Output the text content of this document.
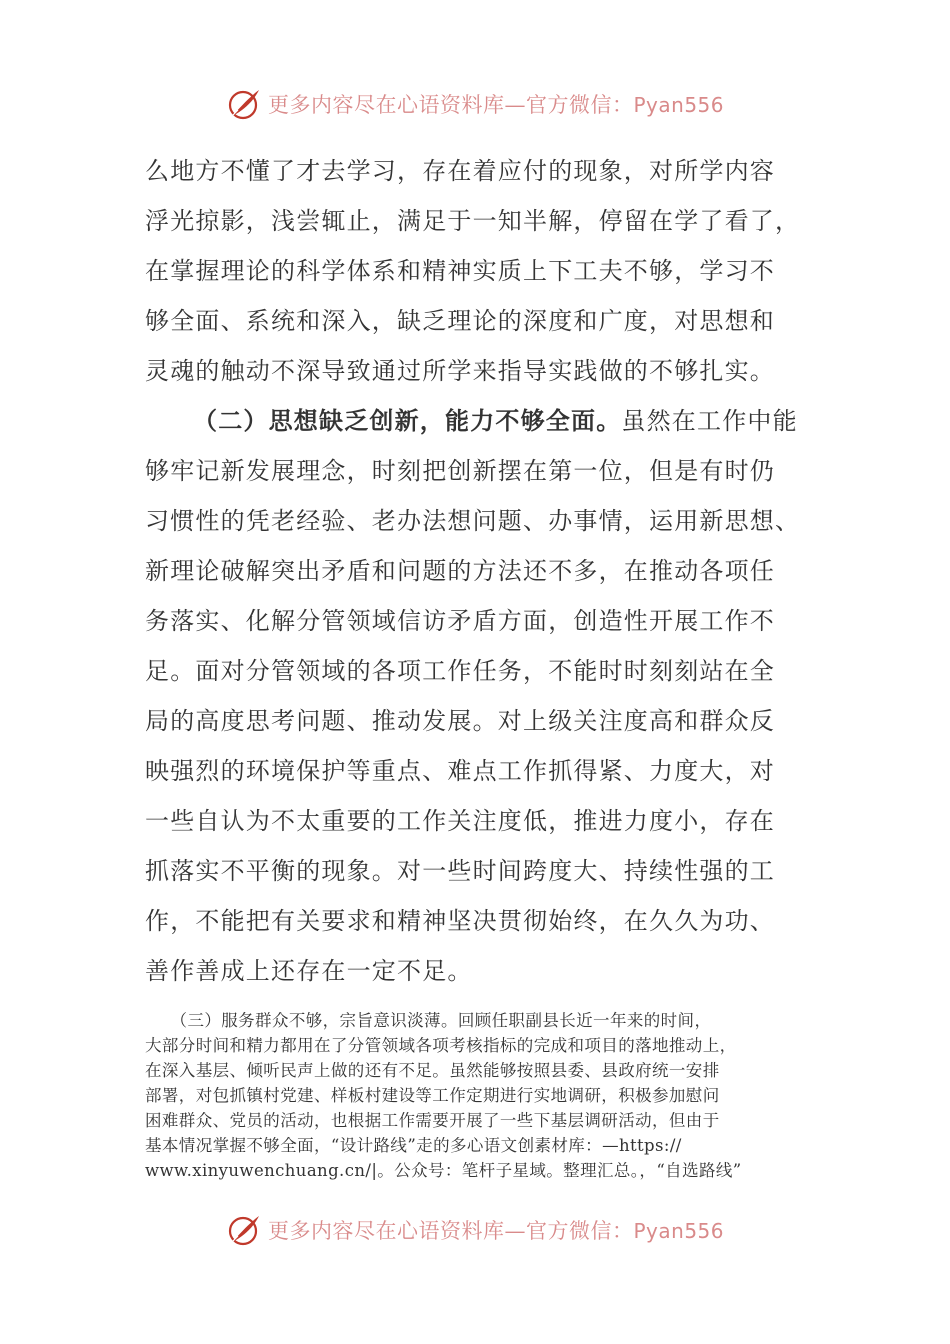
更多内容尽在心语资料库—官方微信：Pyan556

么地方不懂了才去学习，存在着应付的现象，对所学内容
浮光掠影，浅尝辄止，满足于一知半解，停留在学了看了，
在掌握理论的科学体系和精神实质上下工夫不够，学习不
够全面、系统和深入，缺乏理论的深度和广度，对思想和
灵魂的触动不深导致通过所学来指导实践做的不够扎实。

（二）思想缺乏创新，能力不够全面。虽然在工作中能
够牢记新发展理念，时刻把创新摆在第一位，但是有时仍
习惯性的凭老经验、老办法想问题、办事情，运用新思想、
新理论破解突出矛盾和问题的方法还不多，在推动各项任
务落实、化解分管领域信访矛盾方面，创造性开展工作不
足。面对分管领域的各项工作任务，不能时时刻刻站在全
局的高度思考问题、推动发展。对上级关注度高和群众反
映强烈的环境保护等重点、难点工作抓得紧、力度大，对
一些自认为不太重要的工作关注度低，推进力度小，存在
抓落实不平衡的现象。对一些时间跨度大、持续性强的工
作，不能把有关要求和精神坚决贯彻始终，在久久为功、
善作善成上还存在一定不足。

　　（三）服务群众不够，宗旨意识淡薄。回顾任职副县长近一年来的时间，
大部分时间和精力都用在了分管领域各项考核指标的完成和项目的落地推动上，
在深入基层、倾听民声上做的还有不足。虽然能够按照县委、县政府统一安排
部署，对包抓镇村党建、样板村建设等工作定期进行实地调研，积极参加慰问
困难群众、党员的活动，也根据工作需要开展了一些下基层调研活动，但由于
基本情况掌握不够全面，“设计路线”走的多心语文创素材库：—https://
www.xinyuwenchuang.cn/|。公众号：笔杆子星域。整理汇总。，“自选路线”
更多内容尽在心语资料库—官方微信：Pyan556
